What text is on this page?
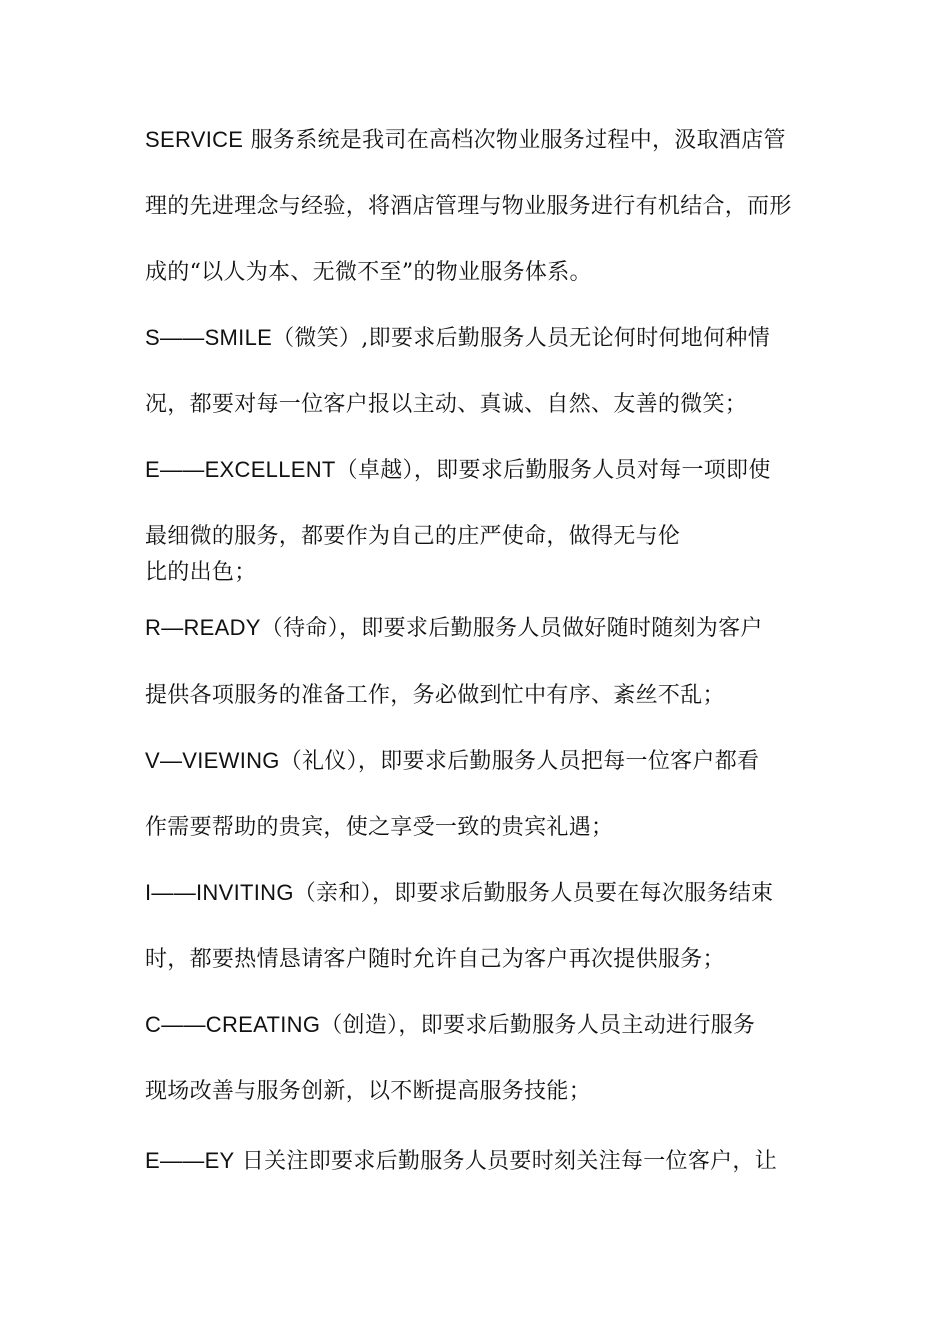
SERVICE 服务系统是我司在高档次物业服务过程中，汲取酒店管
理的先进理念与经验，将酒店管理与物业服务进行有机结合，而形
成的“以人为本、无微不至”的物业服务体系。
S——SMILE（微笑）,即要求后勤服务人员无论何时何地何种情
况，都要对每一位客户报以主动、真诚、自然、友善的微笑；
E——EXCELLENT（卓越），即要求后勤服务人员对每一项即使
最细微的服务，都要作为自己的庄严使命，做得无与伦
比的出色；
R—READY（待命），即要求后勤服务人员做好随时随刻为客户
提供各项服务的准备工作，务必做到忙中有序、紊丝不乱；
V—VIEWING（礼仪），即要求后勤服务人员把每一位客户都看
作需要帮助的贵宾，使之享受一致的贵宾礼遇；
I——INVITING（亲和），即要求后勤服务人员要在每次服务结束
时，都要热情恳请客户随时允许自己为客户再次提供服务；
C——CREATING（创造），即要求后勤服务人员主动进行服务
现场改善与服务创新，以不断提高服务技能；
E——EY 日关注即要求后勤服务人员要时刻关注每一位客户，让
